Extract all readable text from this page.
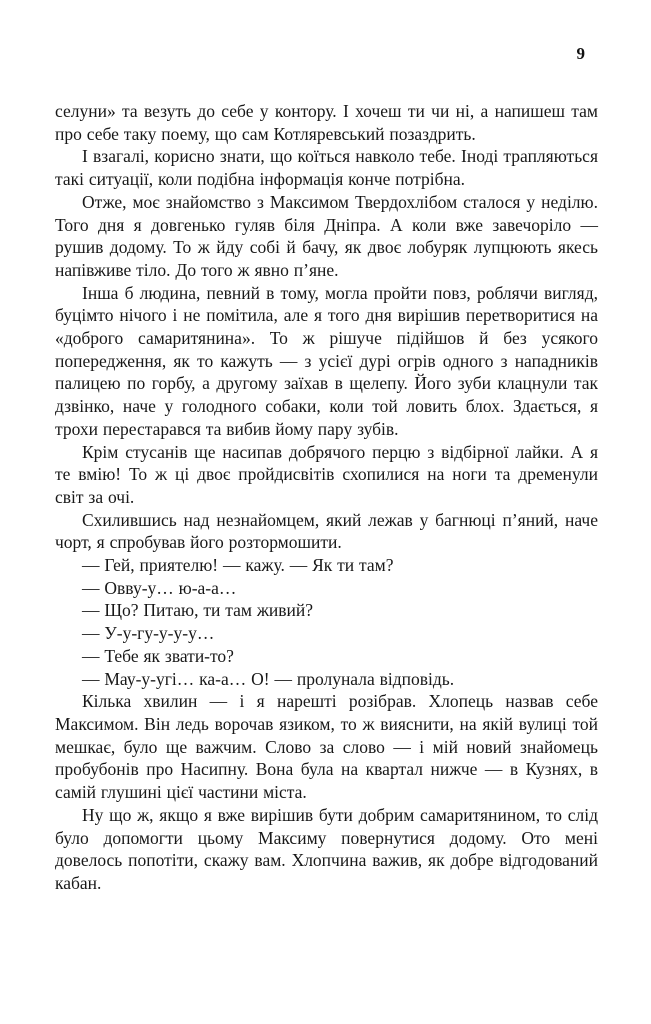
9

селуни» та везуть до себе у контору. І хочеш ти чи ні, а напишеш там про себе таку поему, що сам Котляревський позаздрить.

І взагалі, корисно знати, що коїться навколо тебе. Іноді трапляються такі ситуації, коли подібна інформація конче потрібна.

Отже, моє знайомство з Максимом Твердохлібом сталося у неділю. Того дня я довгенько гуляв біля Дніпра. А коли вже завечоріло — рушив додому. То ж йду собі й бачу, як двоє лобуряк лупцюють якесь напівживе тіло. До того ж явно п’яне.

Інша б людина, певний в тому, могла пройти повз, роблячи вигляд, буцімто нічого і не помітила, але я того дня вирішив перетворитися на «доброго самаритянина». То ж рішуче підійшов й без усякого попередження, як то кажуть — з усієї дурі огрів одного з нападників палицею по горбу, а другому заїхав в щелепу. Його зуби клацнули так дзвінко, наче у голодного собаки, коли той ловить блох. Здається, я трохи перестарався та вибив йому пару зубів.

Крім стусанів ще насипав добрячого перцю з відбірної лайки. А я те вмію! То ж ці двоє пройдисвітів схопилися на ноги та дременули світ за очі.

Схилившись над незнайомцем, який лежав у багнюці п’яний, наче чорт, я спробував його розтормошити.

— Гей, приятелю! — кажу. — Як ти там?

— Овву-у… ю-а-а…

— Що? Питаю, ти там живий?

— У-у-гу-у-у-у…

— Тебе як звати-то?

— Мау-у-угі… ка-а… О! — пролунала відповідь.

Кілька хвилин — і я нарешті розібрав. Хлопець назвав себе Максимом. Він ледь ворочав язиком, то ж вияснити, на якій вулиці той мешкає, було ще важчим. Слово за слово — і мій новий знайомець пробубонів про Насипну. Вона була на квартал нижче — в Кузнях, в самій глушині цієї частини міста.

Ну що ж, якщо я вже вирішив бути добрим самаритянином, то слід було допомогти цьому Максиму повернутися додому. Ото мені довелось попотіти, скажу вам. Хлопчина важив, як добре відгодований кабан.
